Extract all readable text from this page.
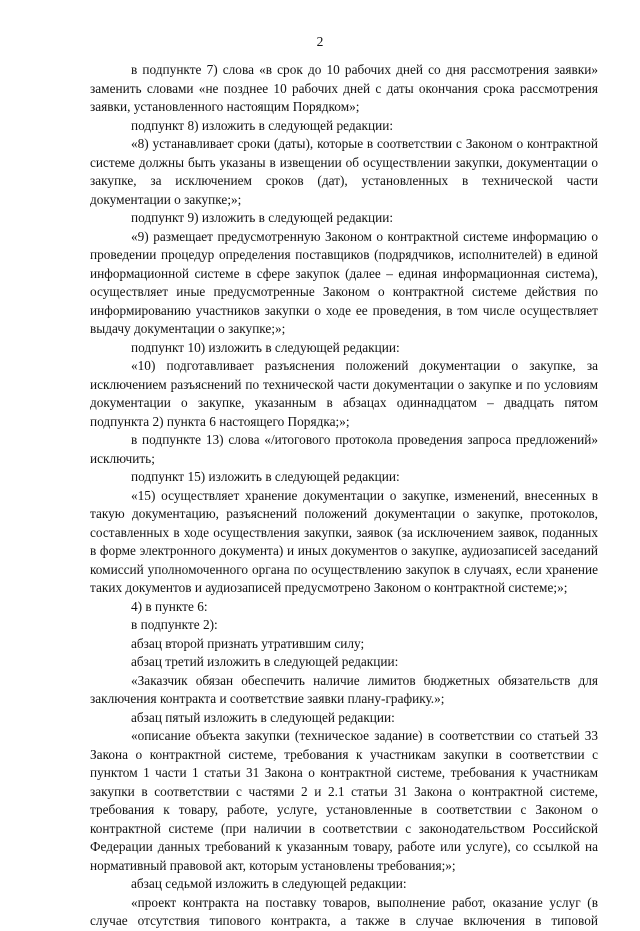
2

в подпункте 7) слова «в срок до 10 рабочих дней со дня рассмотрения заявки» заменить словами «не позднее 10 рабочих дней с даты окончания срока рассмотрения заявки, установленного настоящим Порядком»;

подпункт 8) изложить в следующей редакции:

«8) устанавливает сроки (даты), которые в соответствии с Законом о контрактной системе должны быть указаны в извещении об осуществлении закупки, документации о закупке, за исключением сроков (дат), установленных в технической части документации о закупке;»;

подпункт 9) изложить в следующей редакции:

«9) размещает предусмотренную Законом о контрактной системе информацию о проведении процедур определения поставщиков (подрядчиков, исполнителей) в единой информационной системе в сфере закупок (далее – единая информационная система), осуществляет иные предусмотренные Законом о контрактной системе действия по информированию участников закупки о ходе ее проведения, в том числе осуществляет выдачу документации о закупке;»;

подпункт 10) изложить в следующей редакции:

«10) подготавливает разъяснения положений документации о закупке, за исключением разъяснений по технической части документации о закупке и по условиям документации о закупке, указанным в абзацах одиннадцатом – двадцать пятом подпункта 2) пункта 6 настоящего Порядка;»;

в подпункте 13) слова «/итогового протокола проведения запроса предложений» исключить;

подпункт 15) изложить в следующей редакции:

«15) осуществляет хранение документации о закупке, изменений, внесенных в такую документацию, разъяснений положений документации о закупке, протоколов, составленных в ходе осуществления закупки, заявок (за исключением заявок, поданных в форме электронного документа) и иных документов о закупке, аудиозаписей заседаний комиссий уполномоченного органа по осуществлению закупок в случаях, если хранение таких документов и аудиозаписей предусмотрено Законом о контрактной системе;»;

4) в пункте 6:

в подпункте 2):

абзац второй признать утратившим силу;

абзац третий изложить в следующей редакции:

«Заказчик обязан обеспечить наличие лимитов бюджетных обязательств для заключения контракта и соответствие заявки плану-графику.»;

абзац пятый изложить в следующей редакции:

«описание объекта закупки (техническое задание) в соответствии со статьей 33 Закона о контрактной системе, требования к участникам закупки в соответствии с пунктом 1 части 1 статьи 31 Закона о контрактной системе, требования к участникам закупки в соответствии с частями 2 и 2.1 статьи 31 Закона о контрактной системе, требования к товару, работе, услуге, установленные в соответствии с Законом о контрактной системе (при наличии в соответствии с законодательством Российской Федерации данных требований к указанным товару, работе или услуге), со ссылкой на нормативный правовой акт, которым установлены требования;»;

абзац седьмой изложить в следующей редакции:

«проект контракта на поставку товаров, выполнение работ, оказание услуг (в случае отсутствия типового контракта, а также в случае включения в типовой
